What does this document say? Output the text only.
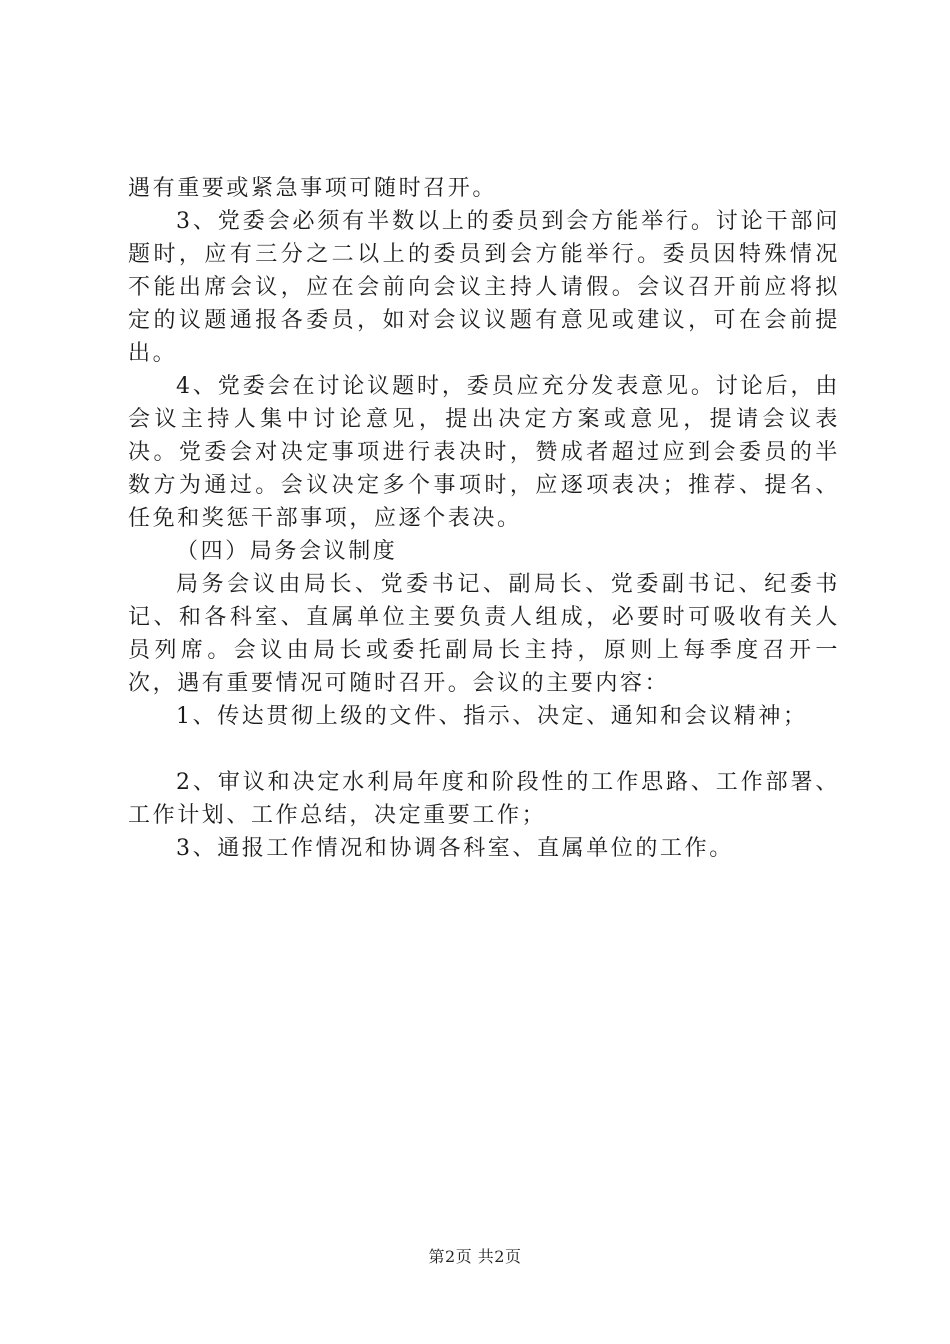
遇有重要或紧急事项可随时召开。

3、党委会必须有半数以上的委员到会方能举行。讨论干部问题时，应有三分之二以上的委员到会方能举行。委员因特殊情况不能出席会议，应在会前向会议主持人请假。会议召开前应将拟定的议题通报各委员，如对会议议题有意见或建议，可在会前提出。

4、党委会在讨论议题时，委员应充分发表意见。讨论后，由会议主持人集中讨论意见，提出决定方案或意见，提请会议表决。党委会对决定事项进行表决时，赞成者超过应到会委员的半数方为通过。会议决定多个事项时，应逐项表决；推荐、提名、任免和奖惩干部事项，应逐个表决。

（四）局务会议制度

局务会议由局长、党委书记、副局长、党委副书记、纪委书记、和各科室、直属单位主要负责人组成，必要时可吸收有关人员列席。会议由局长或委托副局长主持，原则上每季度召开一次，遇有重要情况可随时召开。会议的主要内容：

1、传达贯彻上级的文件、指示、决定、通知和会议精神；

2、审议和决定水利局年度和阶段性的工作思路、工作部署、工作计划、工作总结，决定重要工作；

3、通报工作情况和协调各科室、直属单位的工作。

第2页 共2页
